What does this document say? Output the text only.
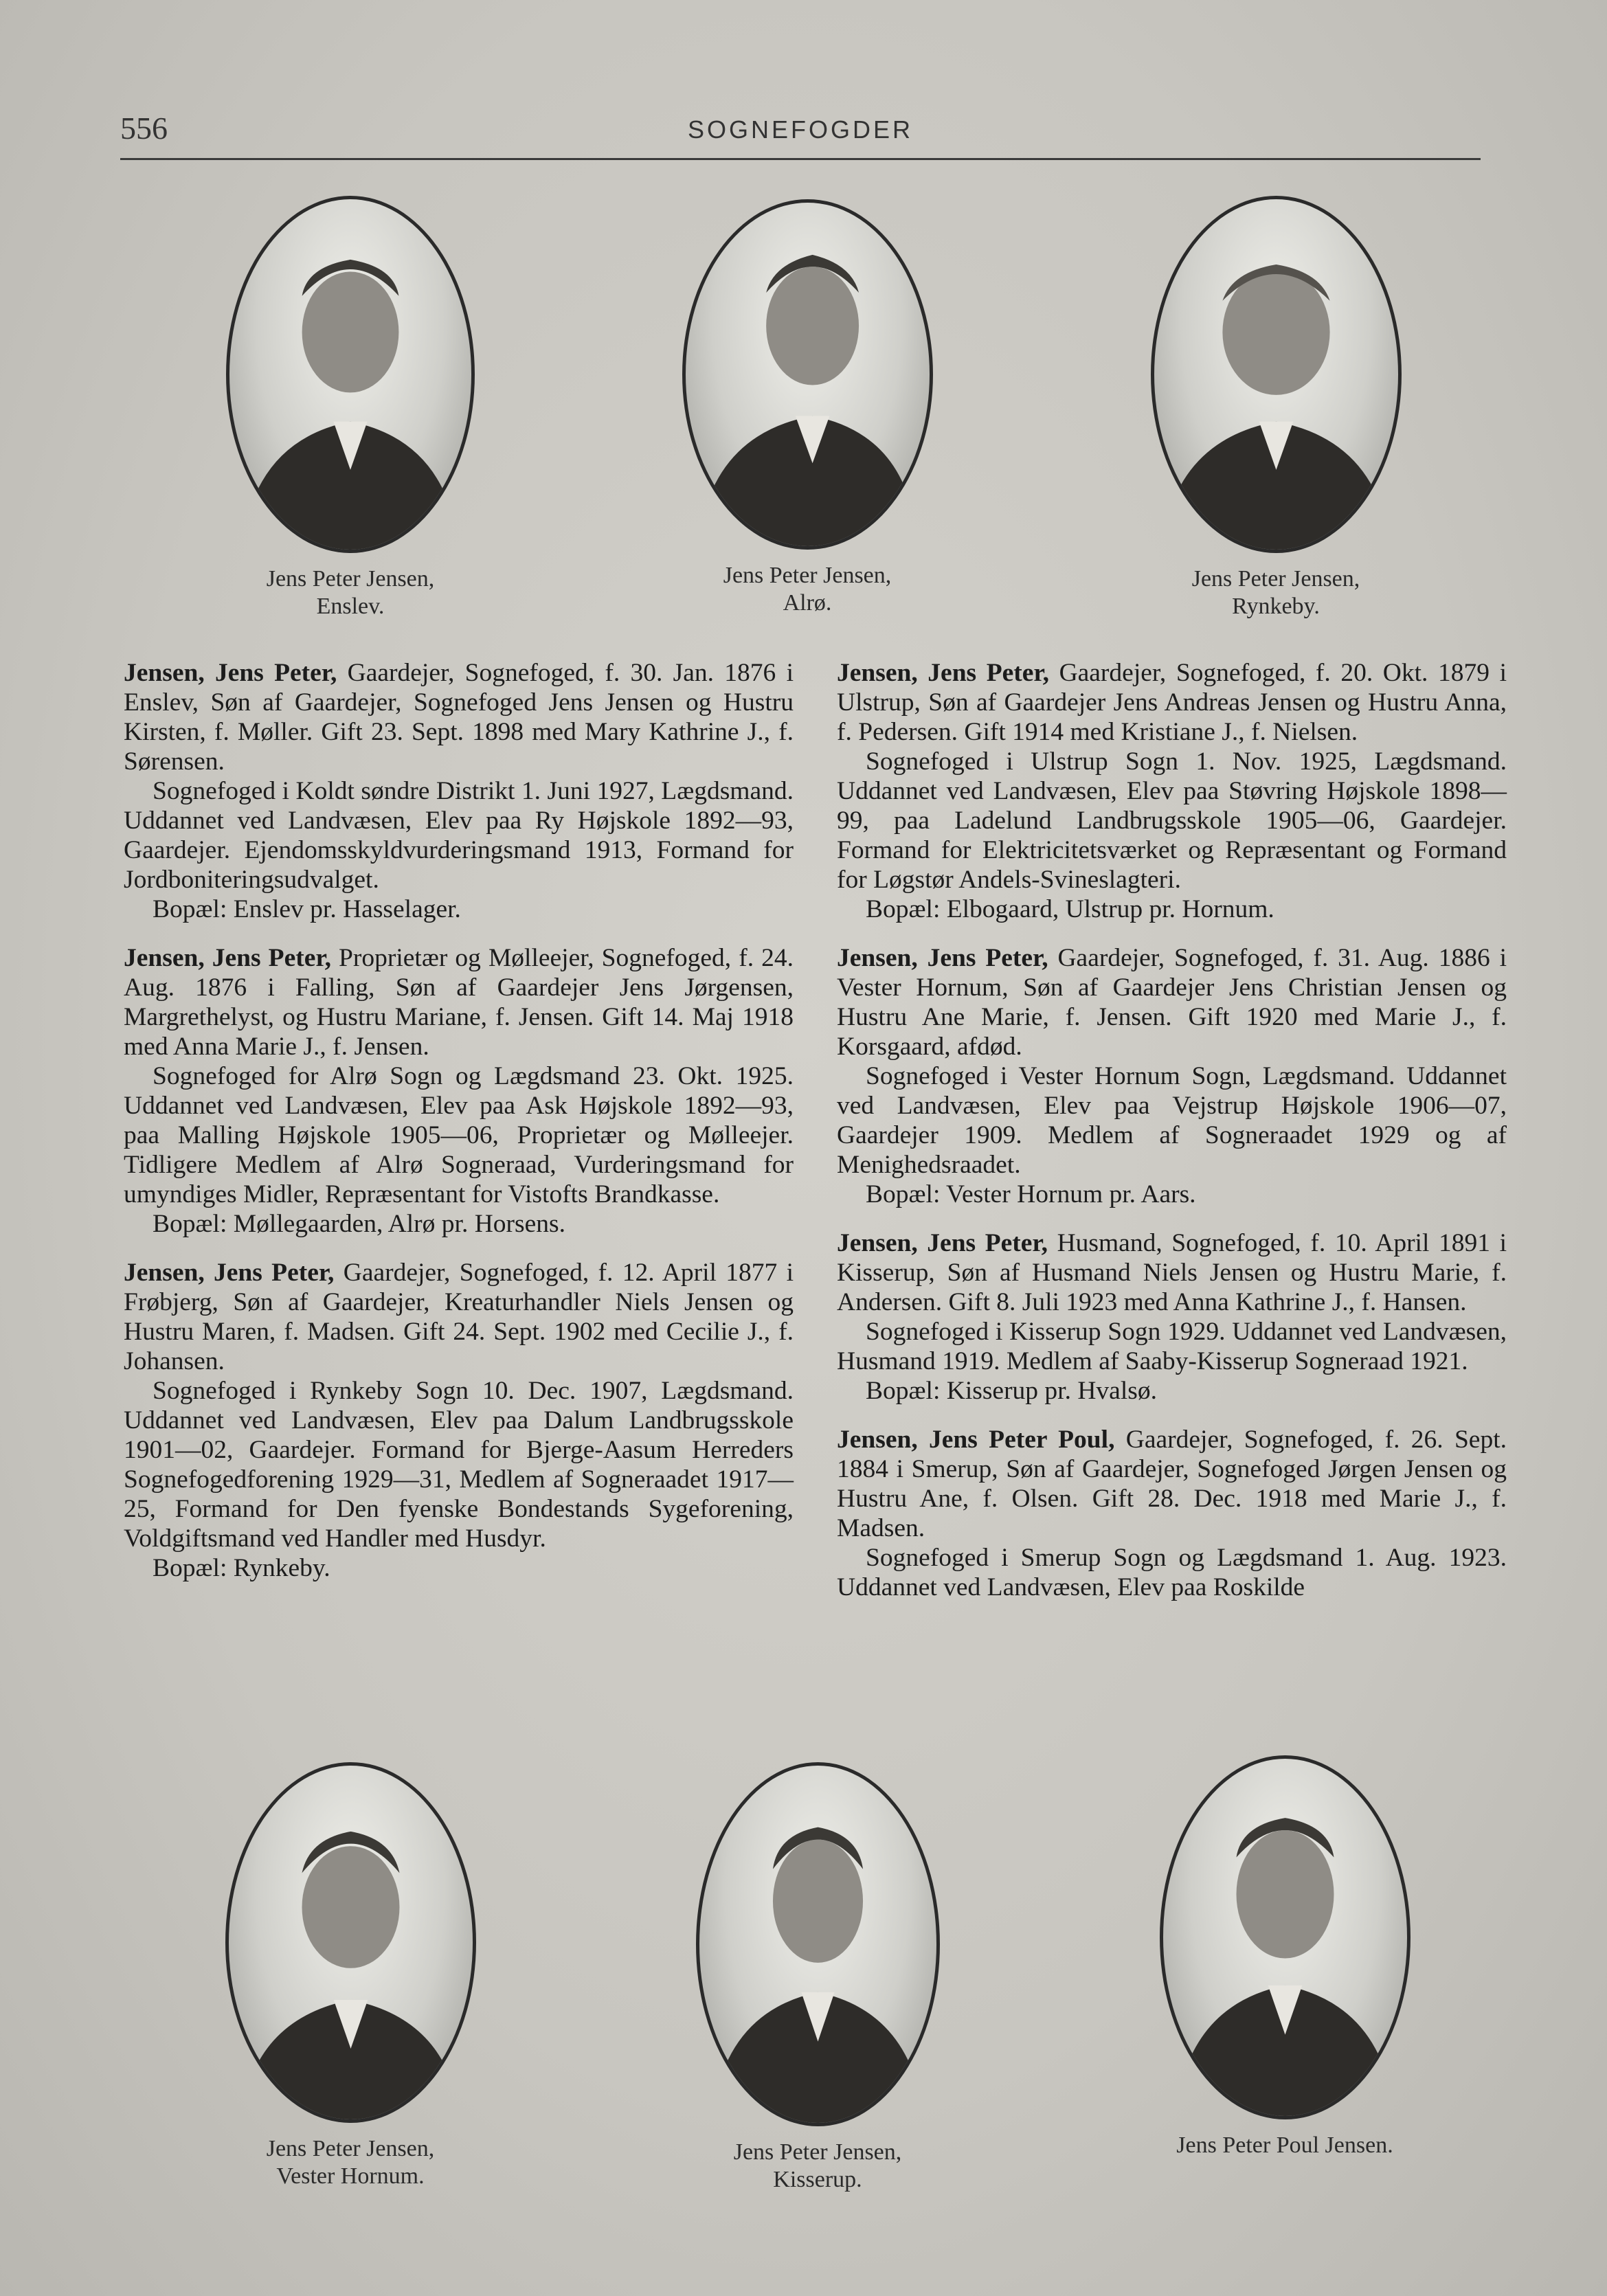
556	SOGNEFOGDER
Jens Peter Jensen,
Enslev.
Jens Peter Jensen,
Alrø.
Jens Peter Jensen,
Rynkeby.

Jensen, Jens Peter, Gaardejer, Sognefoged, f. 30. Jan. 1876 i Enslev, Søn af Gaardejer, Sognefoged Jens Jensen og Hustru Kirsten, f. Møller. Gift 23. Sept. 1898 med Mary Kathrine J., f. Sørensen.

Sognefoged i Koldt søndre Distrikt 1. Juni 1927, Lægdsmand. Uddannet ved Landvæsen, Elev paa Ry Højskole 1892—93, Gaardejer. Ejendomsskyldvurderingsmand 1913, Formand for Jordboniteringsudvalget.

Bopæl: Enslev pr. Hasselager.

Jensen, Jens Peter, Proprietær og Mølleejer, Sognefoged, f. 24. Aug. 1876 i Falling, Søn af Gaardejer Jens Jørgensen, Margrethelyst, og Hustru Mariane, f. Jensen. Gift 14. Maj 1918 med Anna Marie J., f. Jensen.

Sognefoged for Alrø Sogn og Lægdsmand 23. Okt. 1925. Uddannet ved Landvæsen, Elev paa Ask Højskole 1892—93, paa Malling Højskole 1905—06, Proprietær og Mølleejer. Tidligere Medlem af Alrø Sogneraad, Vurderingsmand for umyndiges Midler, Repræsentant for Vistofts Brandkasse.

Bopæl: Møllegaarden, Alrø pr. Horsens.

Jensen, Jens Peter, Gaardejer, Sognefoged, f. 12. April 1877 i Frøbjerg, Søn af Gaardejer, Kreaturhandler Niels Jensen og Hustru Maren, f. Madsen. Gift 24. Sept. 1902 med Cecilie J., f. Johansen.

Sognefoged i Rynkeby Sogn 10. Dec. 1907, Lægdsmand. Uddannet ved Landvæsen, Elev paa Dalum Landbrugsskole 1901—02, Gaardejer. Formand for Bjerge-Aasum Herreders Sognefogedforening 1929—31, Medlem af Sogneraadet 1917—25, Formand for Den fyenske Bondestands Sygeforening, Voldgiftsmand ved Handler med Husdyr.

Bopæl: Rynkeby.

Jensen, Jens Peter, Gaardejer, Sognefoged, f. 20. Okt. 1879 i Ulstrup, Søn af Gaardejer Jens Andreas Jensen og Hustru Anna, f. Pedersen. Gift 1914 med Kristiane J., f. Nielsen.

Sognefoged i Ulstrup Sogn 1. Nov. 1925, Lægdsmand. Uddannet ved Landvæsen, Elev paa Støvring Højskole 1898—99, paa Ladelund Landbrugsskole 1905—06, Gaardejer. Formand for Elektricitetsværket og Repræsentant og Formand for Løgstør Andels-Svineslagteri.

Bopæl: Elbogaard, Ulstrup pr. Hornum.

Jensen, Jens Peter, Gaardejer, Sognefoged, f. 31. Aug. 1886 i Vester Hornum, Søn af Gaardejer Jens Christian Jensen og Hustru Ane Marie, f. Jensen. Gift 1920 med Marie J., f. Korsgaard, afdød.

Sognefoged i Vester Hornum Sogn, Lægdsmand. Uddannet ved Landvæsen, Elev paa Vejstrup Højskole 1906—07, Gaardejer 1909. Medlem af Sogneraadet 1929 og af Menighedsraadet.

Bopæl: Vester Hornum pr. Aars.

Jensen, Jens Peter, Husmand, Sognefoged, f. 10. April 1891 i Kisserup, Søn af Husmand Niels Jensen og Hustru Marie, f. Andersen. Gift 8. Juli 1923 med Anna Kathrine J., f. Hansen.

Sognefoged i Kisserup Sogn 1929. Uddannet ved Landvæsen, Husmand 1919. Medlem af Saaby-Kisserup Sogneraad 1921.

Bopæl: Kisserup pr. Hvalsø.

Jensen, Jens Peter Poul, Gaardejer, Sognefoged, f. 26. Sept. 1884 i Smerup, Søn af Gaardejer, Sognefoged Jørgen Jensen og Hustru Ane, f. Olsen. Gift 28. Dec. 1918 med Marie J., f. Madsen.

Sognefoged i Smerup Sogn og Lægdsmand 1. Aug. 1923. Uddannet ved Landvæsen, Elev paa Roskilde

Jens Peter Jensen,
Vester Hornum.
Jens Peter Jensen,
Kisserup.
Jens Peter Poul Jensen.
